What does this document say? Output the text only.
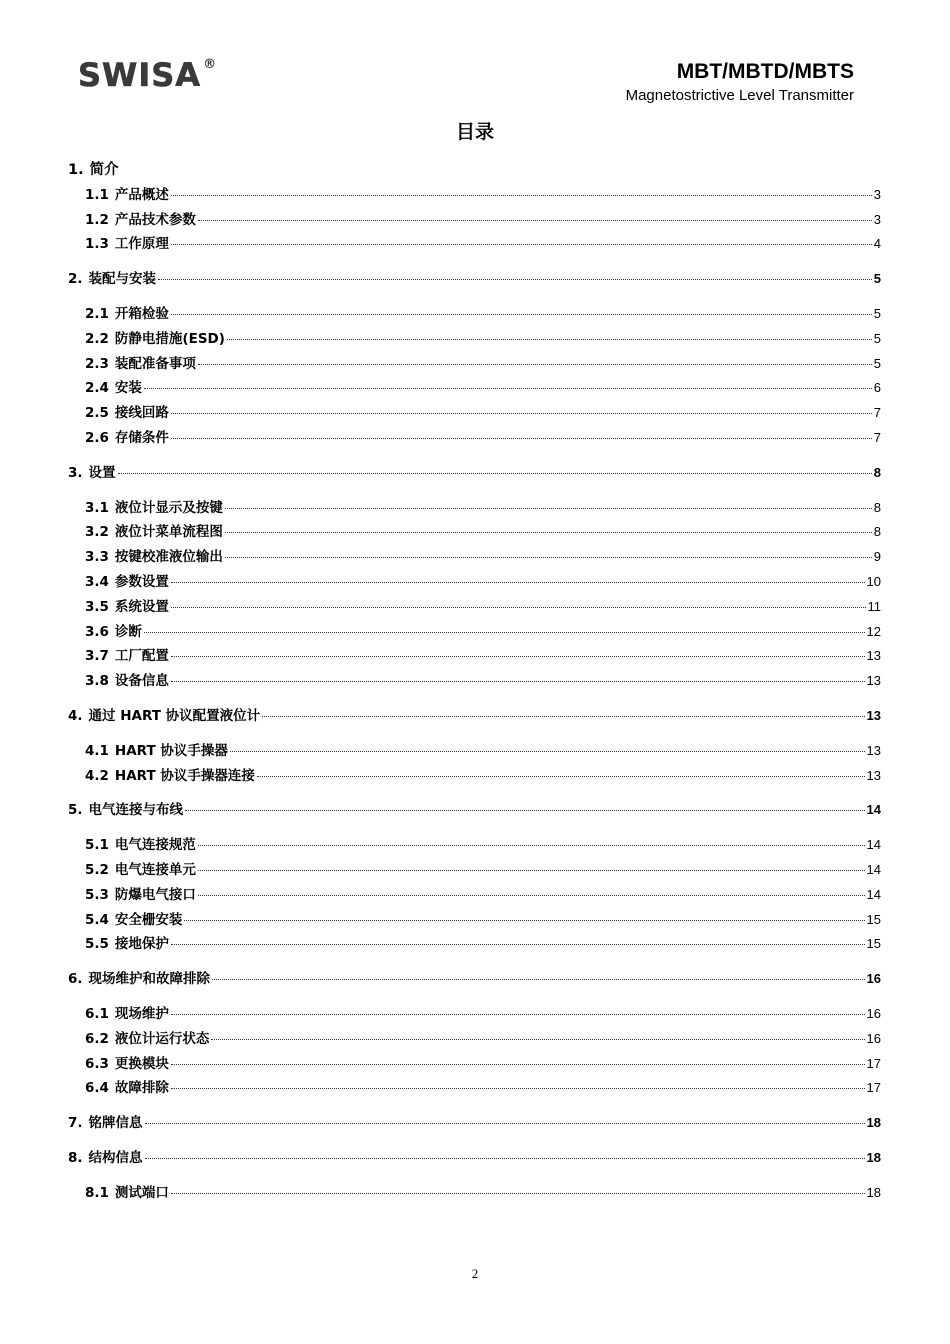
SWISA ®	MBT/MBTD/MBTS
Magnetostrictive Level Transmitter
目录
1. 简介
1.1 产品概述	3
1.2 产品技术参数	3
1.3 工作原理	4
2. 装配与安装	5
2.1 开箱检验	5
2.2 防静电措施(ESD)	5
2.3 装配准备事项	5
2.4 安装	6
2.5 接线回路	7
2.6 存储条件	7
3. 设置	8
3.1 液位计显示及按键	8
3.2 液位计菜单流程图	8
3.3 按键校准液位输出	9
3.4 参数设置	10
3.5 系统设置	11
3.6 诊断	12
3.7 工厂配置	13
3.8 设备信息	13
4. 通过 HART 协议配置液位计	13
4.1 HART 协议手操器	13
4.2 HART 协议手操器连接	13
5. 电气连接与布线	14
5.1 电气连接规范	14
5.2 电气连接单元	14
5.3 防爆电气接口	14
5.4 安全栅安装	15
5.5 接地保护	15
6. 现场维护和故障排除	16
6.1 现场维护	16
6.2 液位计运行状态	16
6.3 更换模块	17
6.4 故障排除	17
7. 铭牌信息	18
8. 结构信息	18
8.1 测试端口	18
2
